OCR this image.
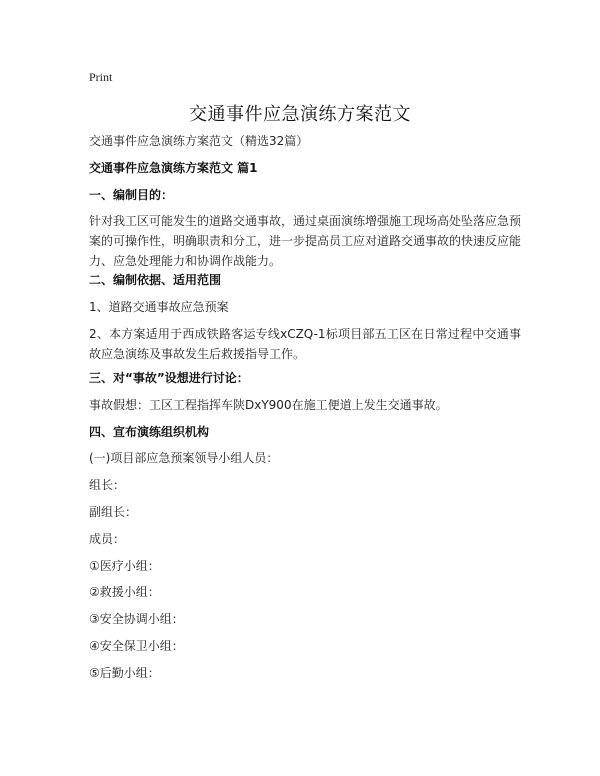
Print
交通事件应急演练方案范文
交通事件应急演练方案范文（精选32篇）
交通事件应急演练方案范文 篇1
一、编制目的：
针对我工区可能发生的道路交通事故，通过桌面演练增强施工现场高处坠落应急预案的可操作性，明确职责和分工，进一步提高员工应对道路交通事故的快速反应能力、应急处理能力和协调作战能力。
二、编制依据、适用范围
1、道路交通事故应急预案
2、本方案适用于西成铁路客运专线xCZQ-1标项目部五工区在日常过程中交通事故应急演练及事故发生后救援指导工作。
三、对“事故”设想进行讨论：
事故假想：工区工程指挥车陕DxY900在施工便道上发生交通事故。
四、宣布演练组织机构
(一)项目部应急预案领导小组人员：
组长：
副组长：
成员：
①医疗小组：
②救援小组：
③安全协调小组：
④安全保卫小组：
⑤后勤小组：
